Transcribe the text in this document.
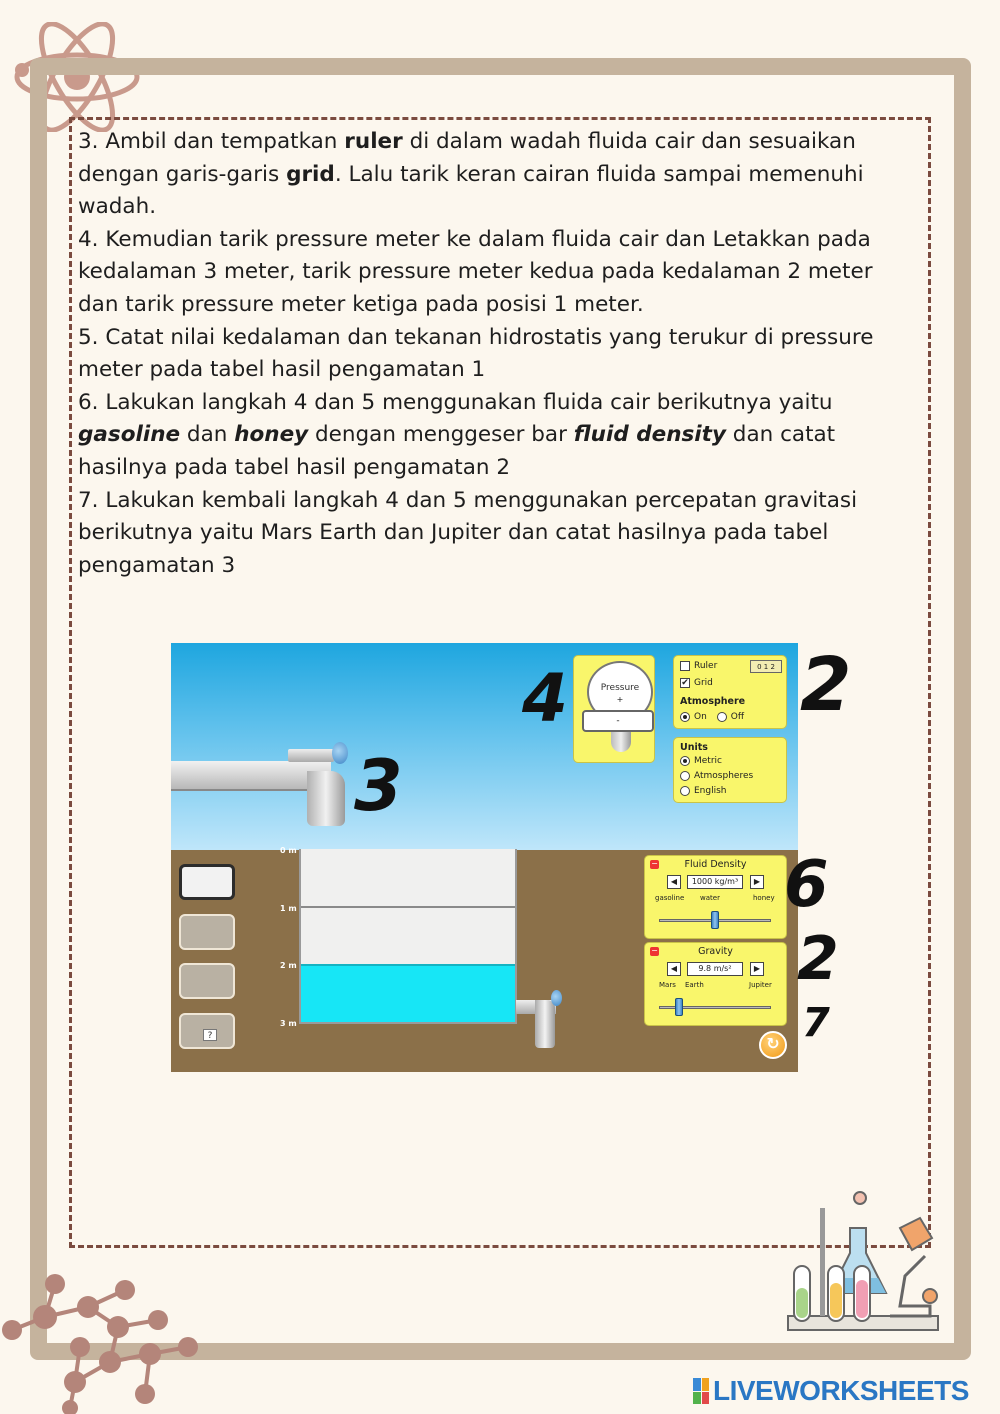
3. Ambil dan tempatkan ruler di dalam wadah fluida cair dan sesuaikan dengan garis-garis grid. Lalu tarik keran cairan fluida sampai memenuhi wadah.

4. Kemudian tarik pressure meter ke dalam fluida cair dan Letakkan pada kedalaman 3 meter, tarik pressure meter kedua pada kedalaman 2 meter dan tarik pressure meter ketiga pada posisi 1 meter.

5. Catat nilai kedalaman dan tekanan hidrostatis yang terukur di pressure meter pada tabel hasil pengamatan 1

6. Lakukan langkah 4 dan 5 menggunakan fluida cair berikutnya yaitu gasoline dan honey dengan menggeser bar fluid density dan catat hasilnya pada tabel hasil pengamatan 2

7. Lakukan kembali langkah 4 dan 5 menggunakan percepatan gravitasi berikutnya yaitu Mars Earth dan Jupiter dan catat hasilnya pada tabel pengamatan 3

0 m
1 m
2 m
3 m
?
Pressure
+
-
Ruler	0 1 2
✔ Grid
Atmosphere
On	Off
Units
Metric
Atmospheres
English
−	Fluid Density
◀	1000 kg/m³	▶
gasoline water	honey
−	Gravity
◀	9.8 m/s²	▶
Mars Earth	Jupiter
↻
4
3
2
6
2
7
LIVEWORKSHEETS
